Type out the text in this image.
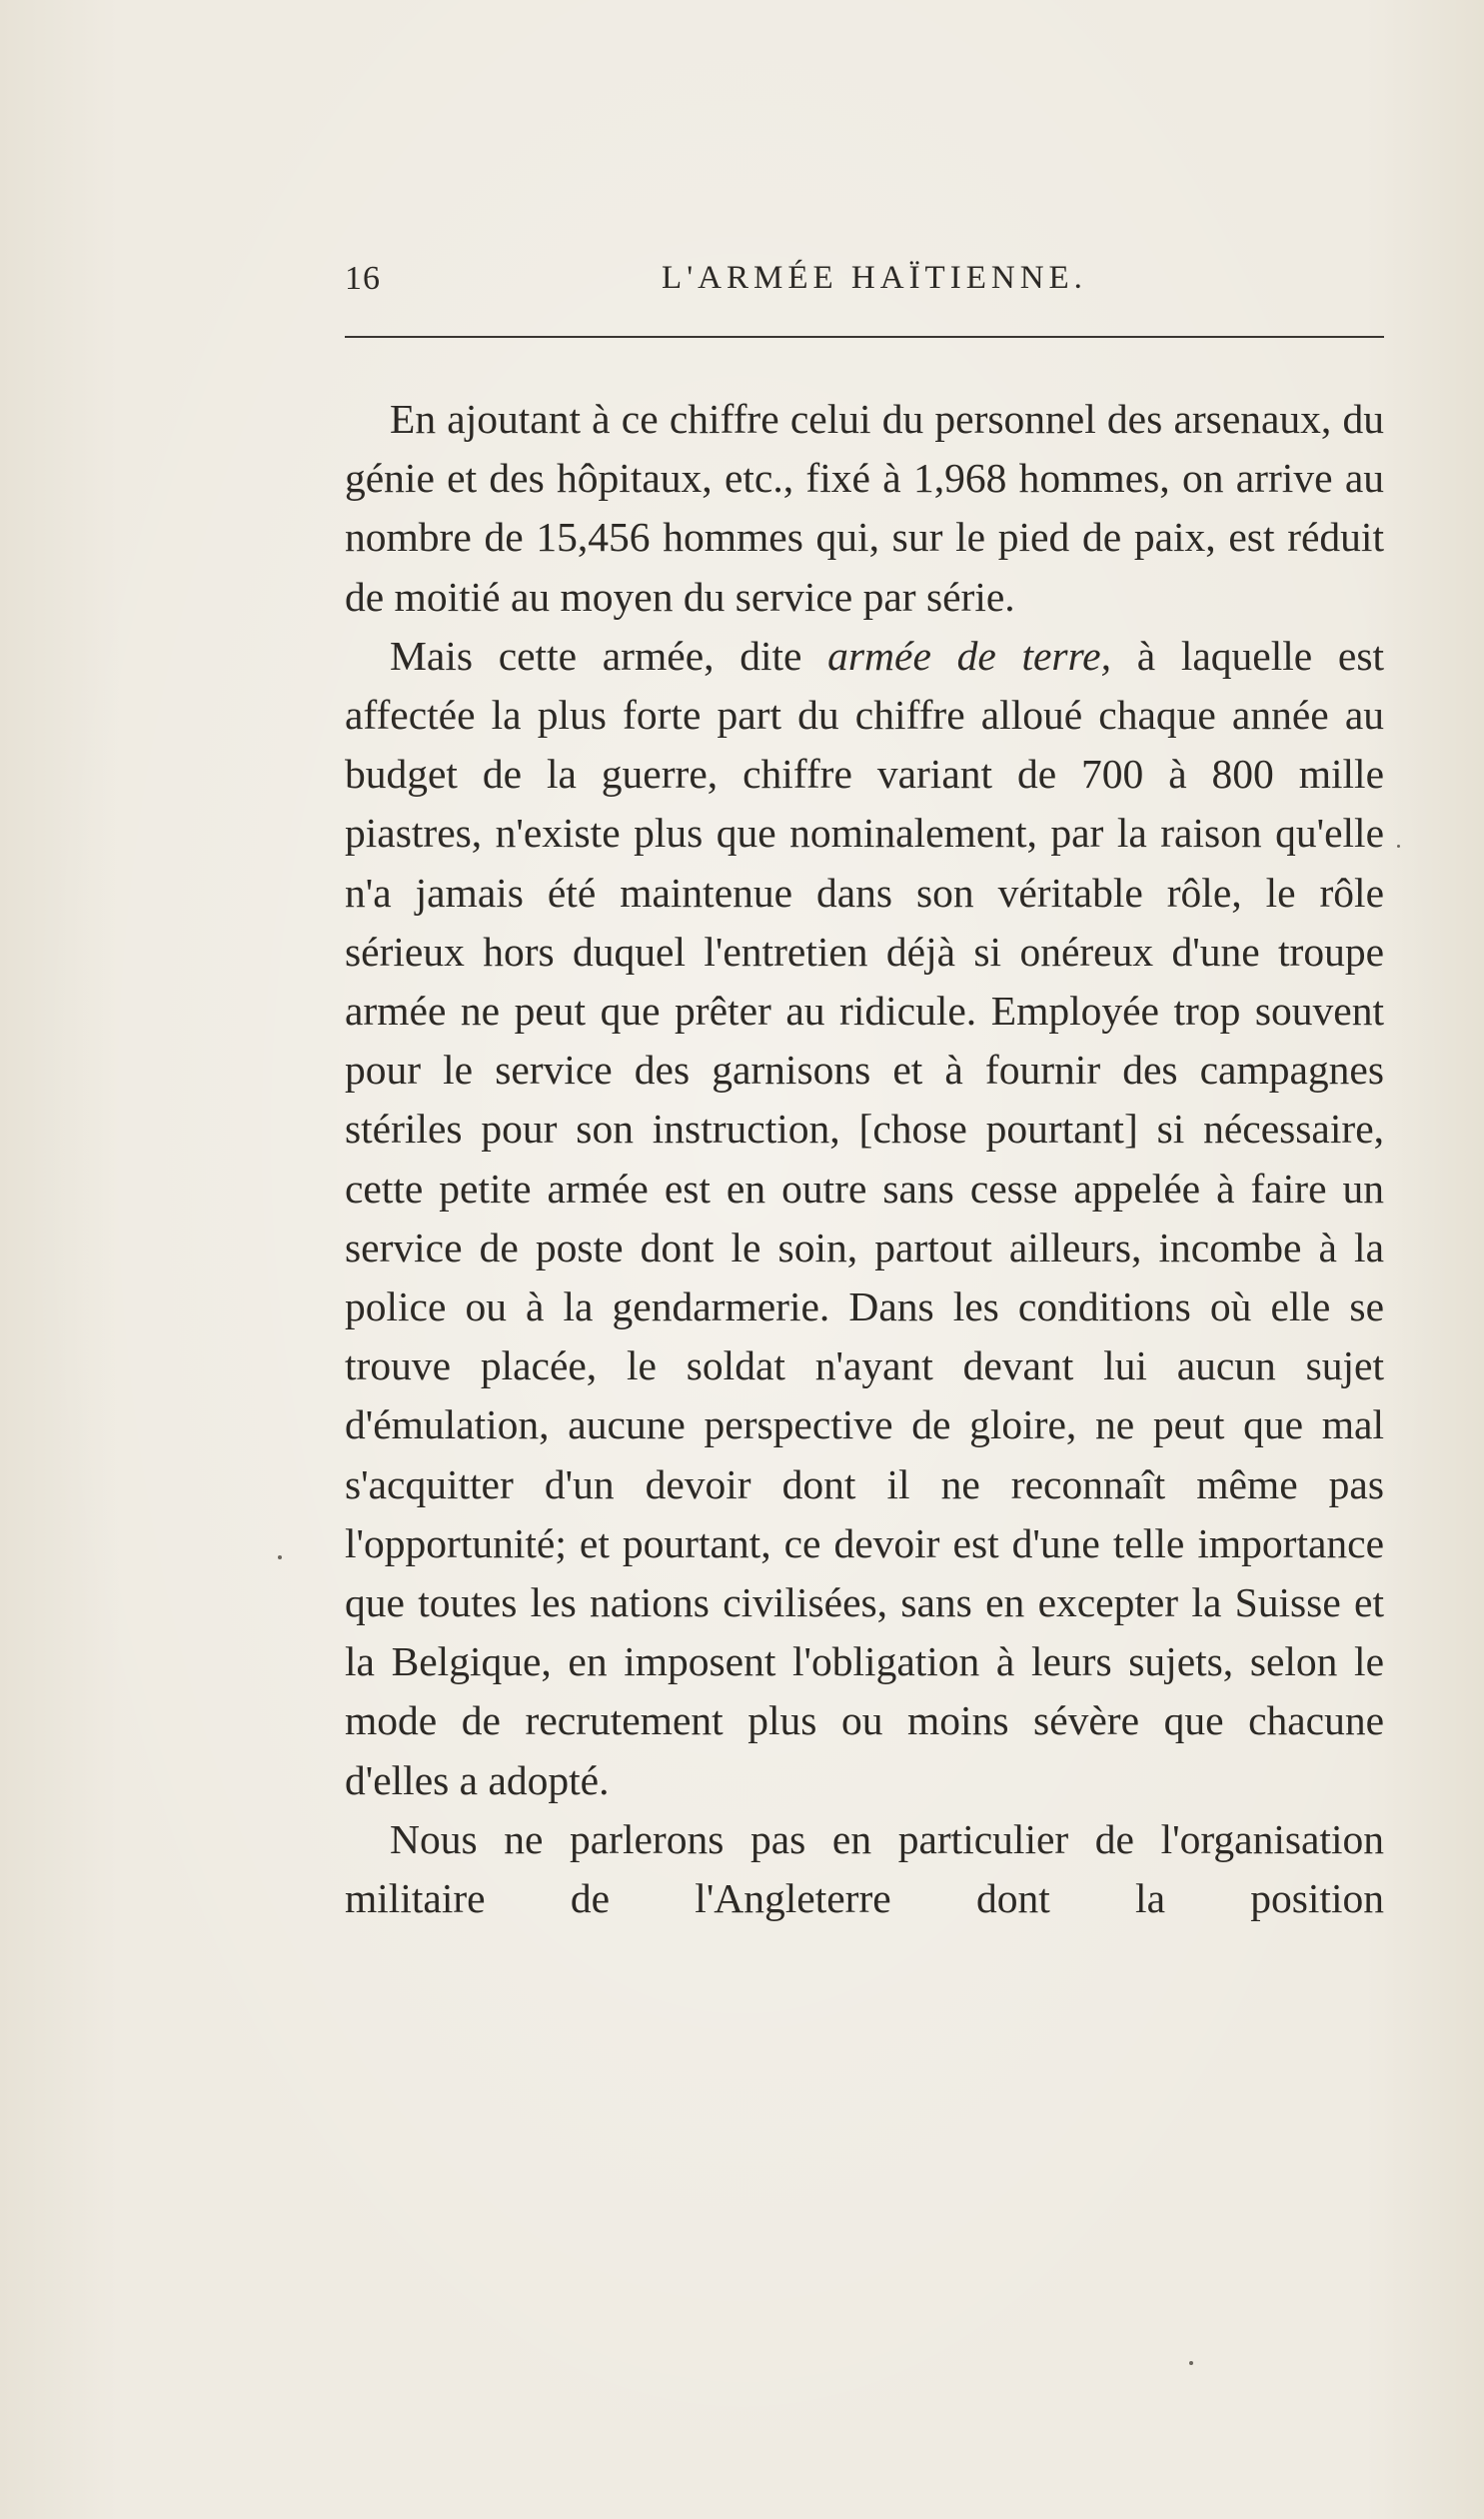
16	L'ARMÉE HAÏTIENNE.

En ajoutant à ce chiffre celui du personnel des arsenaux, du génie et des hôpitaux, etc., fixé à 1,968 hommes, on arrive au nombre de 15,456 hommes qui, sur le pied de paix, est réduit de moitié au moyen du service par série.

Mais cette armée, dite armée de terre, à laquelle est affectée la plus forte part du chiffre alloué chaque année au budget de la guerre, chiffre variant de 700 à 800 mille piastres, n'existe plus que nominalement, par la raison qu'elle n'a jamais été maintenue dans son véritable rôle, le rôle sérieux hors duquel l'entretien déjà si onéreux d'une troupe armée ne peut que prêter au ridicule. Employée trop souvent pour le service des garnisons et à fournir des campagnes stériles pour son instruction, [chose pourtant] si nécessaire, cette petite armée est en outre sans cesse appelée à faire un service de poste dont le soin, partout ailleurs, incombe à la police ou à la gendarmerie. Dans les conditions où elle se trouve placée, le soldat n'ayant devant lui aucun sujet d'émulation, aucune perspective de gloire, ne peut que mal s'acquitter d'un devoir dont il ne reconnaît même pas l'opportunité; et pourtant, ce devoir est d'une telle importance que toutes les nations civilisées, sans en excepter la Suisse et la Belgique, en imposent l'obligation à leurs sujets, selon le mode de recrutement plus ou moins sévère que chacune d'elles a adopté.

Nous ne parlerons pas en particulier de l'organisation militaire de l'Angleterre dont la position
